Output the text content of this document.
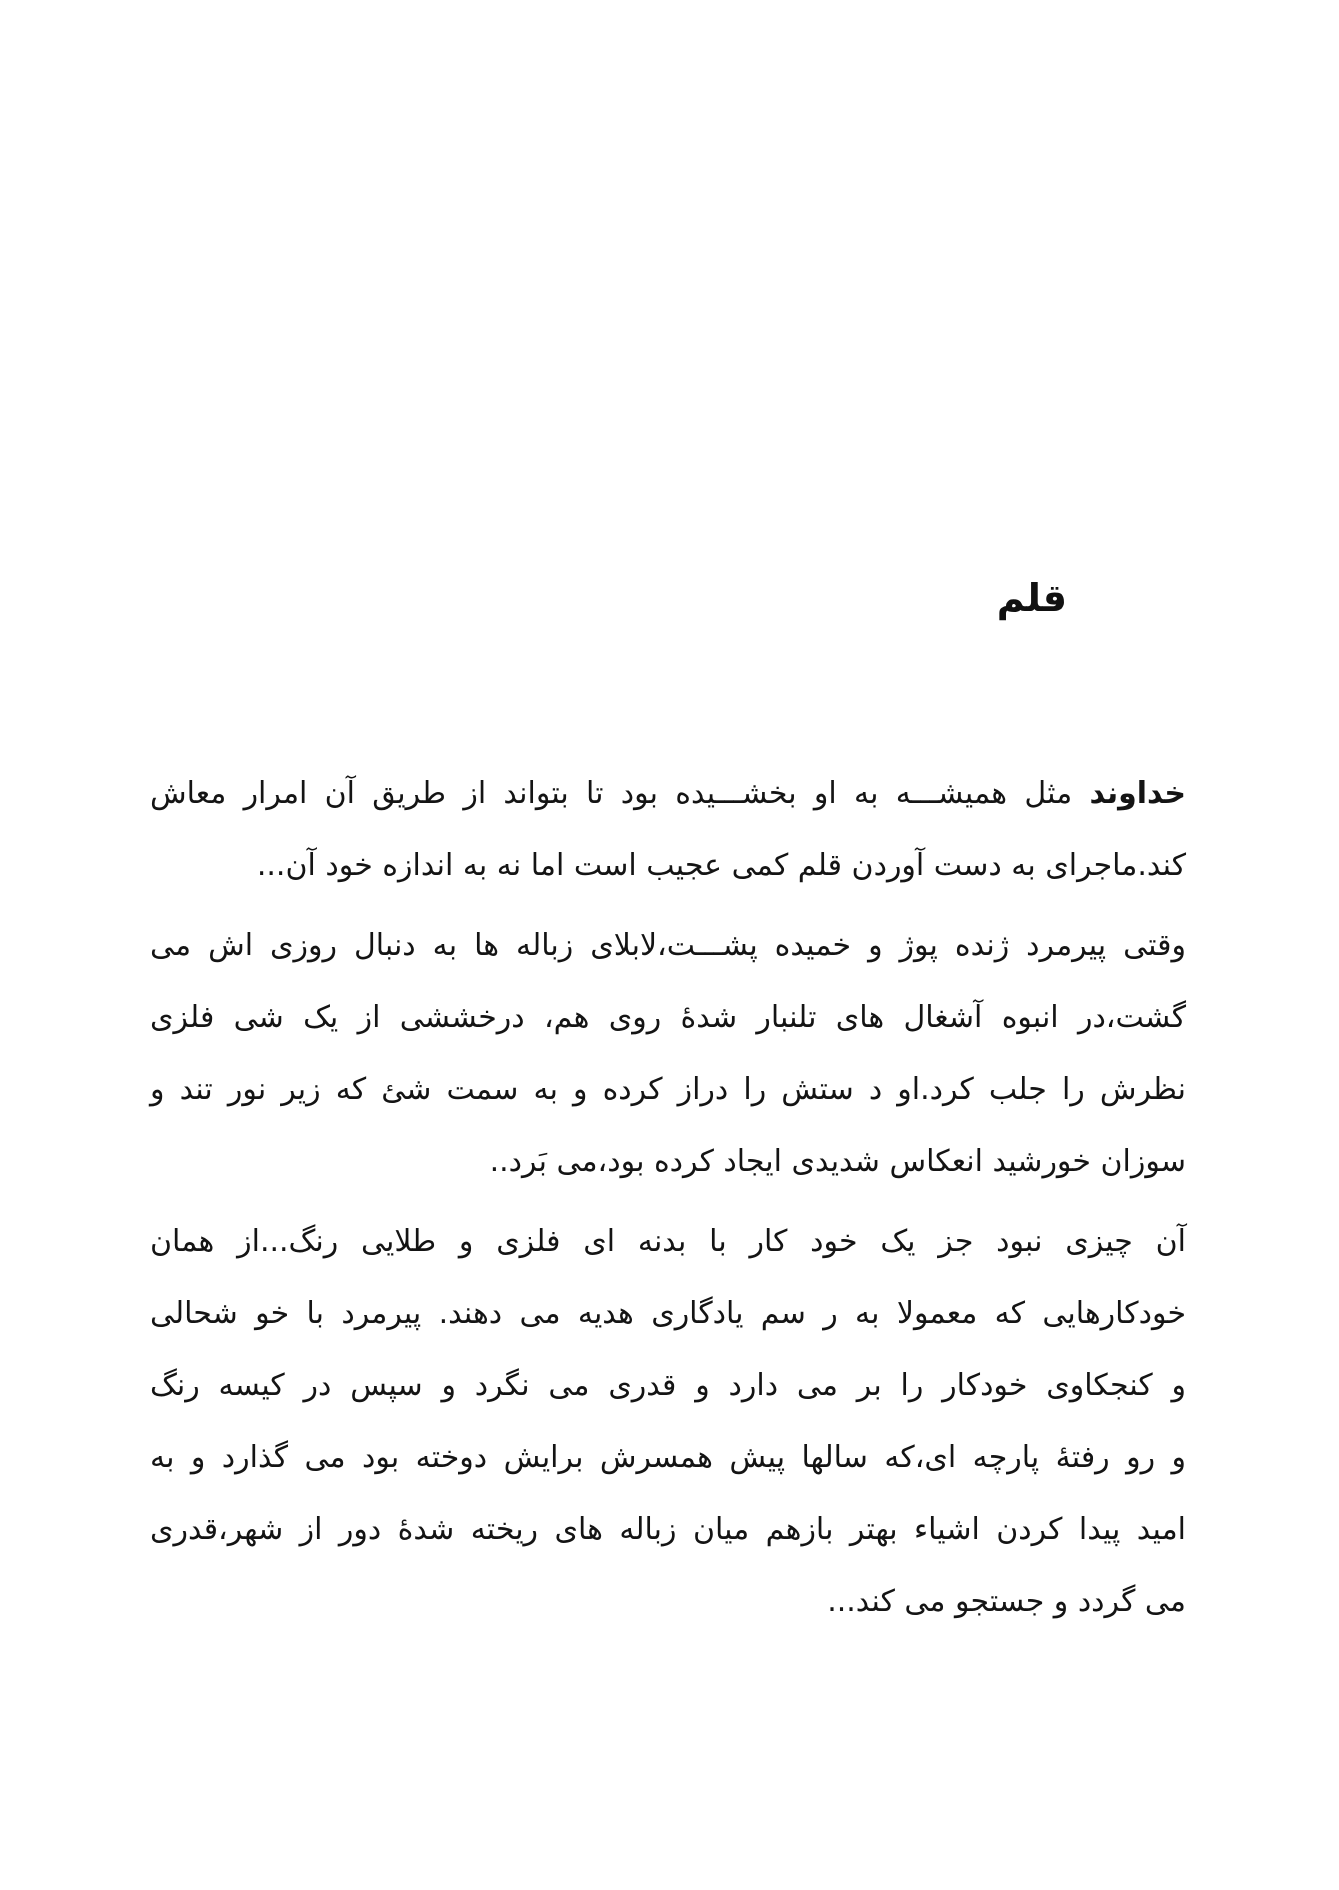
قلم
خداوند مثل همیشـــه به او بخشـــیده بود تا بتواند از طریق آن امرار معاش
کند.ماجرای به دست آوردن قلم کمی عجیب است اما نه به اندازه خود آن...
وقتی پیرمرد ژنده پوژ و خمیده پشـــت،لابلای زباله ها به دنبال روزی اش می
گشت،در انبوه آشغال های تلنبار شدهٔ روی هم، درخششی از یک شی فلزی
نظرش را جلب کرد.او د ستش را دراز کرده و به سمت شئ که زیر نور تند و
سوزان خورشید انعکاس شدیدی ایجاد کرده بود،می بَرد..
آن چیزی نبود جز یک خود کار با بدنه ای فلزی و طلایی رنگ...از همان
خودکارهایی که معمولا به ر سم یادگاری هدیه می دهند. پیرمرد با خو شحالی
و کنجکاوی خودکار را بر می دارد و قدری می نگرد و سپس در کیسه رنگ
و رو رفتهٔ پارچه ای،که سالها پیش همسرش برایش دوخته بود می گذارد و به
امید پیدا کردن اشیاء بهتر بازهم میان زباله های ریخته شدهٔ دور از شهر،قدری
می گردد و جستجو می کند...
